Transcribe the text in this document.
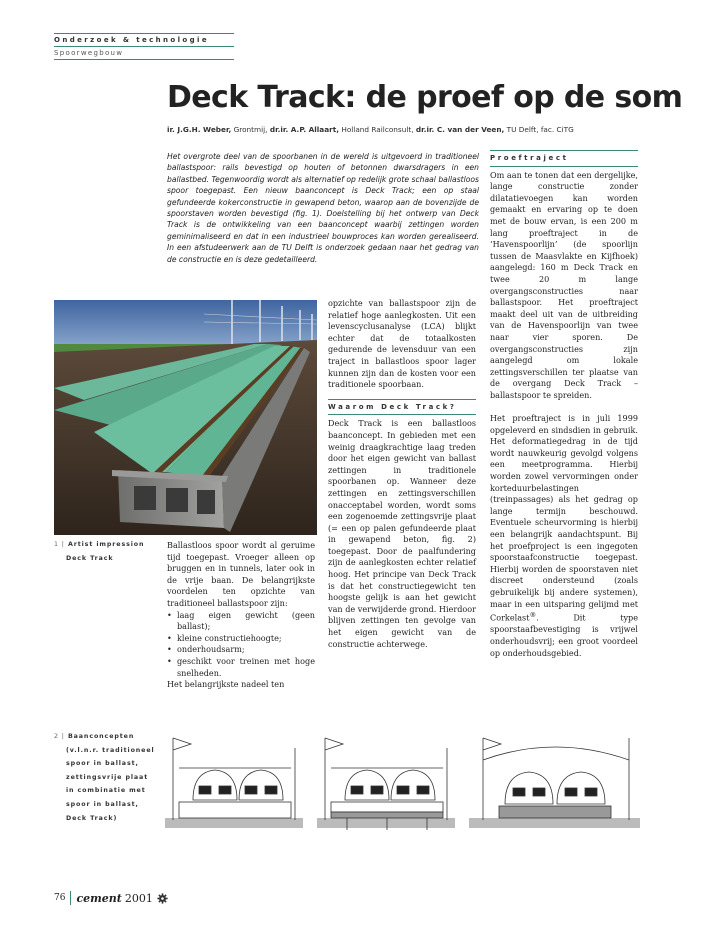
Onderzoek & technologie
Spoorwegbouw
Deck Track: de proef op de som
ir. J.G.H. Weber, Grontmij, dr.ir. A.P. Allaart, Holland Railconsult, dr.ir. C. van der Veen, TU Delft, fac. CiTG

Het overgrote deel van de spoorbanen in de wereld is uitgevoerd in traditioneel ballastspoor: rails bevestigd op houten of betonnen dwarsdragers in een ballastbed. Tegenwoordig wordt als alternatief op redelijk grote schaal ballastloos spoor toegepast. Een nieuw baanconcept is Deck Track; een op staal gefundeerde kokerconstructie in gewapend beton, waarop aan de bovenzijde de spoorstaven worden bevestigd (fig. 1). Doelstelling bij het ontwerp van Deck Track is de ontwikkeling van een baanconcept waarbij zettingen worden geminimaliseerd en dat in een industrieel bouwproces kan worden gerealiseerd. In een afstudeerwerk aan de TU Delft is onderzoek gedaan naar het gedrag van de constructie en is deze gedetailleerd.

opzichte van ballastspoor zijn de relatief hoge aanlegkosten. Uit een levenscyclusanalyse (LCA) blijkt echter dat de totaalkosten gedurende de levensduur van een traject in ballastloos spoor lager kunnen zijn dan de kosten voor een traditionele spoorbaan.

Waarom Deck Track?

Deck Track is een ballastloos baanconcept. In gebieden met een weinig draagkrachtige laag treden door het eigen gewicht van ballast zettingen in traditionele spoorbanen op. Wanneer deze zettingen en zettingsverschillen onacceptabel worden, wordt soms een zogenoemde zettingsvrije plaat (= een op palen gefundeerde plaat in gewapend beton, fig. 2) toegepast. Door de paalfundering zijn de aanlegkosten echter relatief hoog. Het principe van Deck Track is dat het constructiegewicht ten hoogste gelijk is aan het gewicht van de verwijderde grond. Hierdoor blijven zettingen ten gevolge van het eigen gewicht van de constructie achterwege.

Proeftraject

Om aan te tonen dat een dergelijke, lange constructie zonder dilatatievoegen kan worden gemaakt en ervaring op te doen met de bouw ervan, is een 200 m lang proeftraject in de ‘Havenspoorlijn’ (de spoorlijn tussen de Maasvlakte en Kijfhoek) aangelegd: 160 m Deck Track en twee 20 m lange overgangsconstructies naar ballastspoor. Het proeftraject maakt deel uit van de uitbreiding van de Havenspoorlijn van twee naar vier sporen. De overgangsconstructies zijn aangelegd om lokale zettingsverschillen ter plaatse van de overgang Deck Track – ballastspoor te spreiden.

Het proeftraject is in juli 1999 opgeleverd en sindsdien in gebruik. Het deformatiegedrag in de tijd wordt nauwkeurig gevolgd volgens een meetprogramma. Hierbij worden zowel vervormingen onder korteduurbelastingen (treinpassages) als het gedrag op lange termijn beschouwd. Eventuele scheurvorming is hierbij een belangrijk aandachtspunt. Bij het proefproject is een ingegoten spoorstaafconstructie toegepast. Hierbij worden de spoorstaven niet discreet ondersteund (zoals gebruikelijk bij andere systemen), maar in een uitsparing gelijmd met Corkelast®. Dit type spoorstaafbevestiging is vrijwel onderhoudsvrij; een groot voordeel op onderhoudsgebied.

Ballastloos spoor wordt al geruime tijd toegepast. Vroeger alleen op bruggen en in tunnels, later ook in de vrije baan. De belangrijkste voordelen ten opzichte van traditioneel ballastspoor zijn:

• laag eigen gewicht (geen ballast);
• kleine constructiehoogte;
• onderhoudsarm;
• geschikt voor treinen met hoge snelheden.

Het belangrijkste nadeel ten

1 | Artist impression Deck Track
2 | Baanconcepten (v.l.n.r. traditioneel spoor in ballast, zettingsvrije plaat in combinatie met spoor in ballast, Deck Track)
76 cement 2001
